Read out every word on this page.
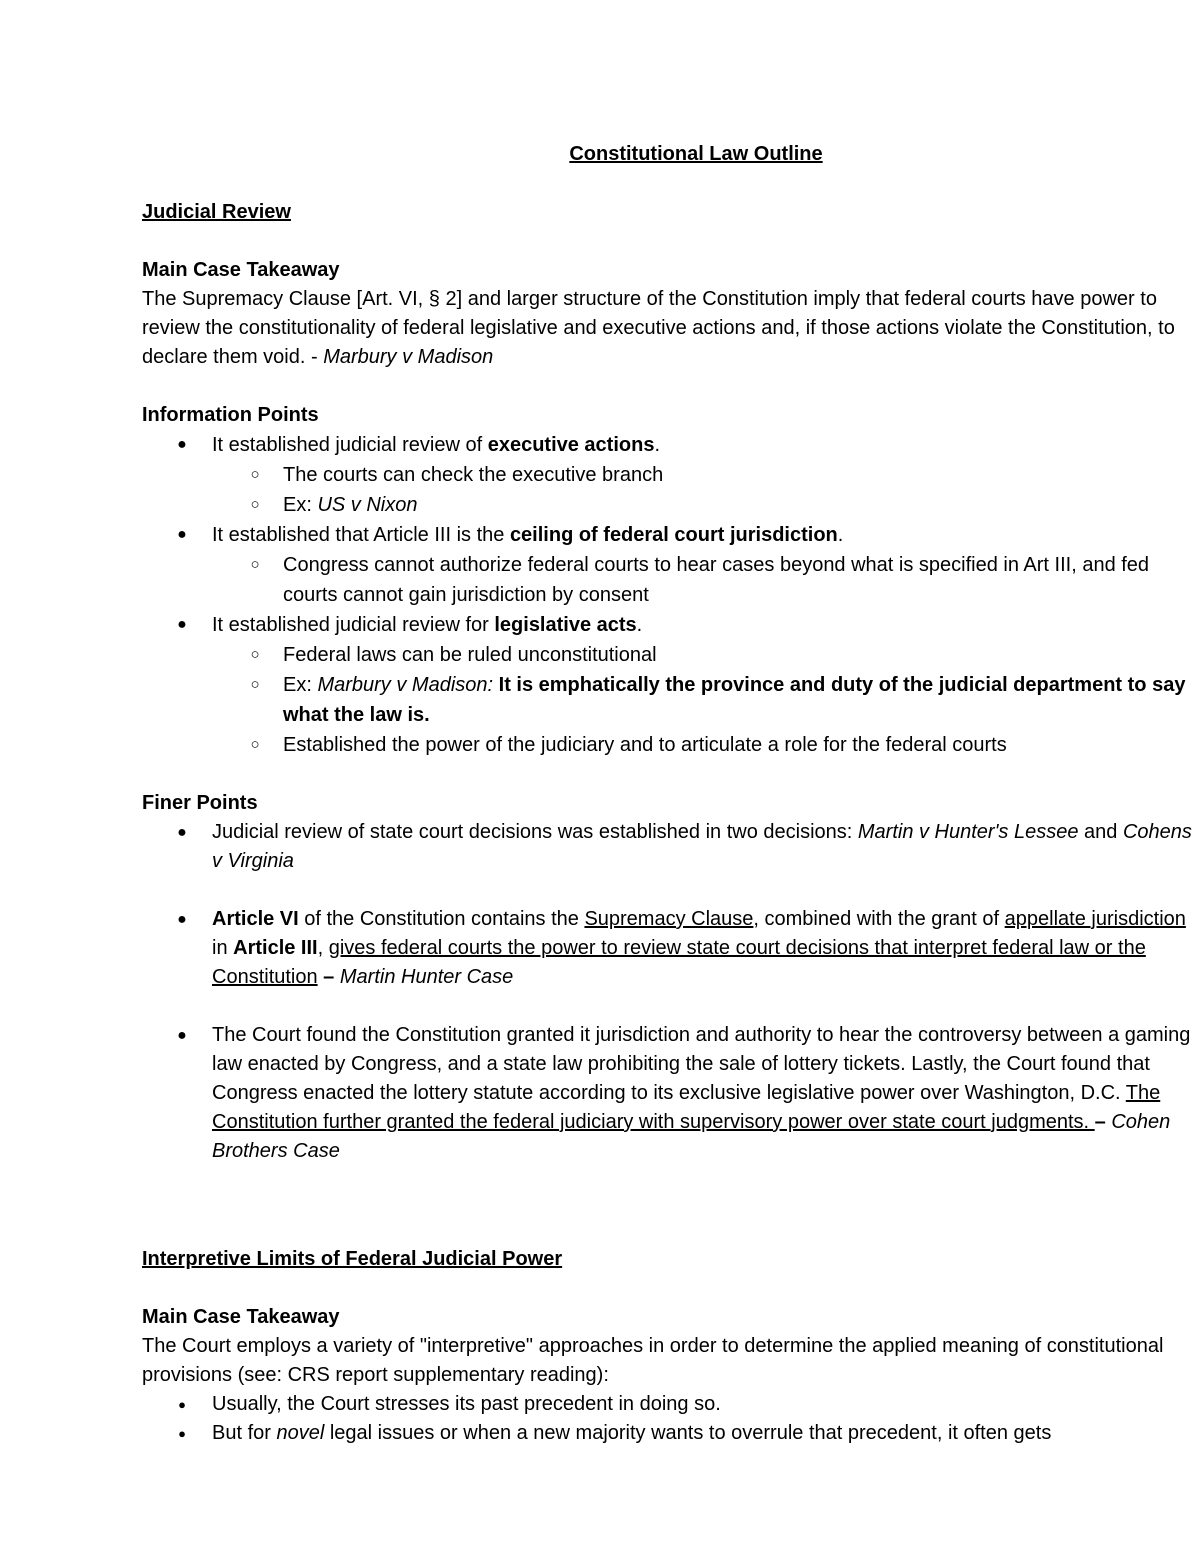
Constitutional Law Outline
Judicial Review
Main Case Takeaway

The Supremacy Clause [Art. VI, § 2] and larger structure of the Constitution imply that federal courts have power to review the constitutionality of federal legislative and executive actions and, if those actions violate the Constitution, to declare them void. - Marbury v Madison

Information Points
● It established judicial review of executive actions.
○ The courts can check the executive branch
○ Ex: US v Nixon
● It established that Article III is the ceiling of federal court jurisdiction.
○ Congress cannot authorize federal courts to hear cases beyond what is specified in Art III, and fed courts cannot gain jurisdiction by consent
● It established judicial review for legislative acts.
○ Federal laws can be ruled unconstitutional
○ Ex: Marbury v Madison: It is emphatically the province and duty of the judicial department to say what the law is.
○ Established the power of the judiciary and to articulate a role for the federal courts
Finer Points
● Judicial review of state court decisions was established in two decisions: Martin v Hunter's Lessee and Cohens v Virginia
● Article VI of the Constitution contains the Supremacy Clause, combined with the grant of appellate jurisdiction in Article III, gives federal courts the power to review state court decisions that interpret federal law or the Constitution – Martin Hunter Case
● The Court found the Constitution granted it jurisdiction and authority to hear the controversy between a gaming law enacted by Congress, and a state law prohibiting the sale of lottery tickets. Lastly, the Court found that Congress enacted the lottery statute according to its exclusive legislative power over Washington, D.C. The Constitution further granted the federal judiciary with supervisory power over state court judgments. – Cohen Brothers Case
Interpretive Limits of Federal Judicial Power
Main Case Takeaway

The Court employs a variety of "interpretive" approaches in order to determine the applied meaning of constitutional provisions (see: CRS report supplementary reading):

●	Usually, the Court stresses its past precedent in doing so.
●	But for novel legal issues or when a new majority wants to overrule that precedent, it often gets
